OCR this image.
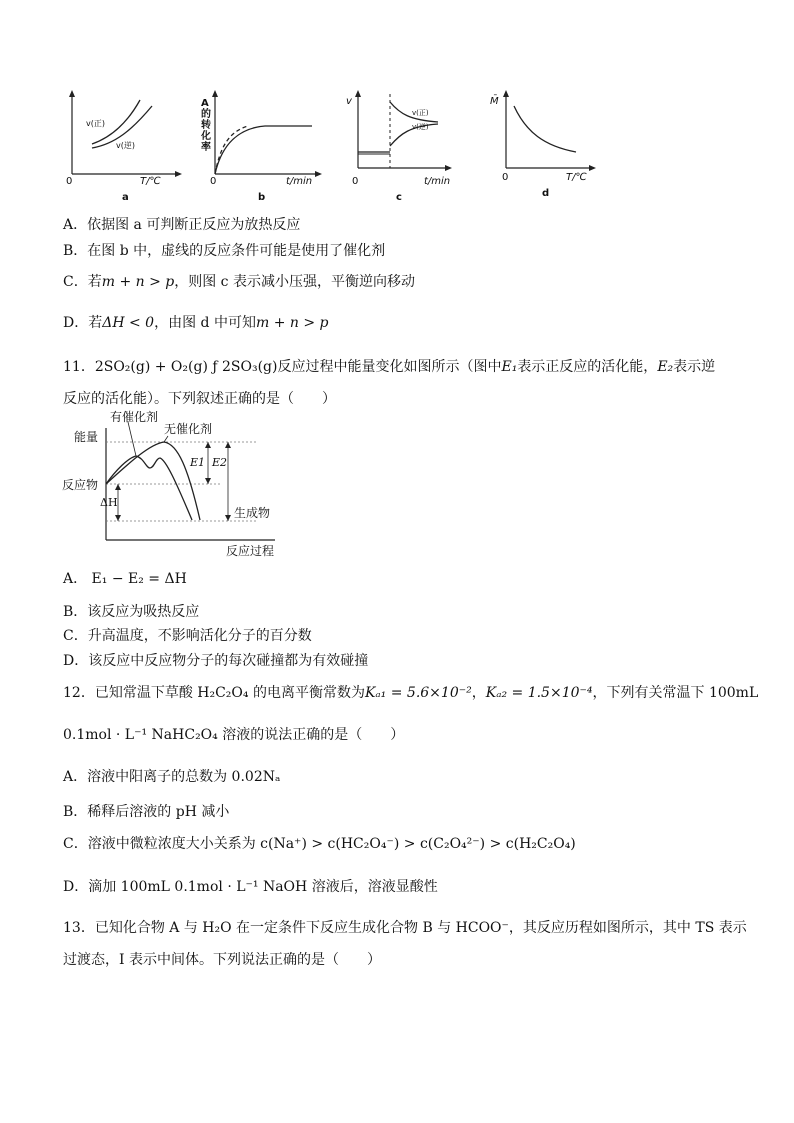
v(正)
v(逆)
0	T/℃
a
A的转化率
0	t/min
b
v
v(正)
v(逆)
0	t/min
c
M̄
0	T/℃
d
A．依据图 a 可判断正反应为放热反应
B．在图 b 中，虚线的反应条件可能是使用了催化剂
C．若m + n > p，则图 c 表示减小压强，平衡逆向移动
D．若ΔH < 0，由图 d 中可知m + n > p
11．2SO₂(g) + O₂(g) ƒ 2SO₃(g)反应过程中能量变化如图所示（图中E₁表示正反应的活化能，E₂表示逆
反应的活化能）。下列叙述正确的是（　　）
能量
反应物
有催化剂
无催化剂
E1 E2
ΔH
生成物
反应过程
A． E₁ − E₂ = ΔH
B．该反应为吸热反应
C．升高温度，不影响活化分子的百分数
D．该反应中反应物分子的每次碰撞都为有效碰撞
12．已知常温下草酸 H₂C₂O₄ 的电离平衡常数为Kₐ₁ = 5.6×10⁻²，Kₐ₂ = 1.5×10⁻⁴，下列有关常温下 100mL
0.1mol · L⁻¹ NaHC₂O₄ 溶液的说法正确的是（　　）
A．溶液中阳离子的总数为 0.02Nₐ
B．稀释后溶液的 pH 减小
C．溶液中微粒浓度大小关系为 c(Na⁺) > c(HC₂O₄⁻) > c(C₂O₄²⁻) > c(H₂C₂O₄)
D．滴加 100mL 0.1mol · L⁻¹ NaOH 溶液后，溶液显酸性
13．已知化合物 A 与 H₂O 在一定条件下反应生成化合物 B 与 HCOO⁻，其反应历程如图所示，其中 TS 表示
过渡态，I 表示中间体。下列说法正确的是（　　）
